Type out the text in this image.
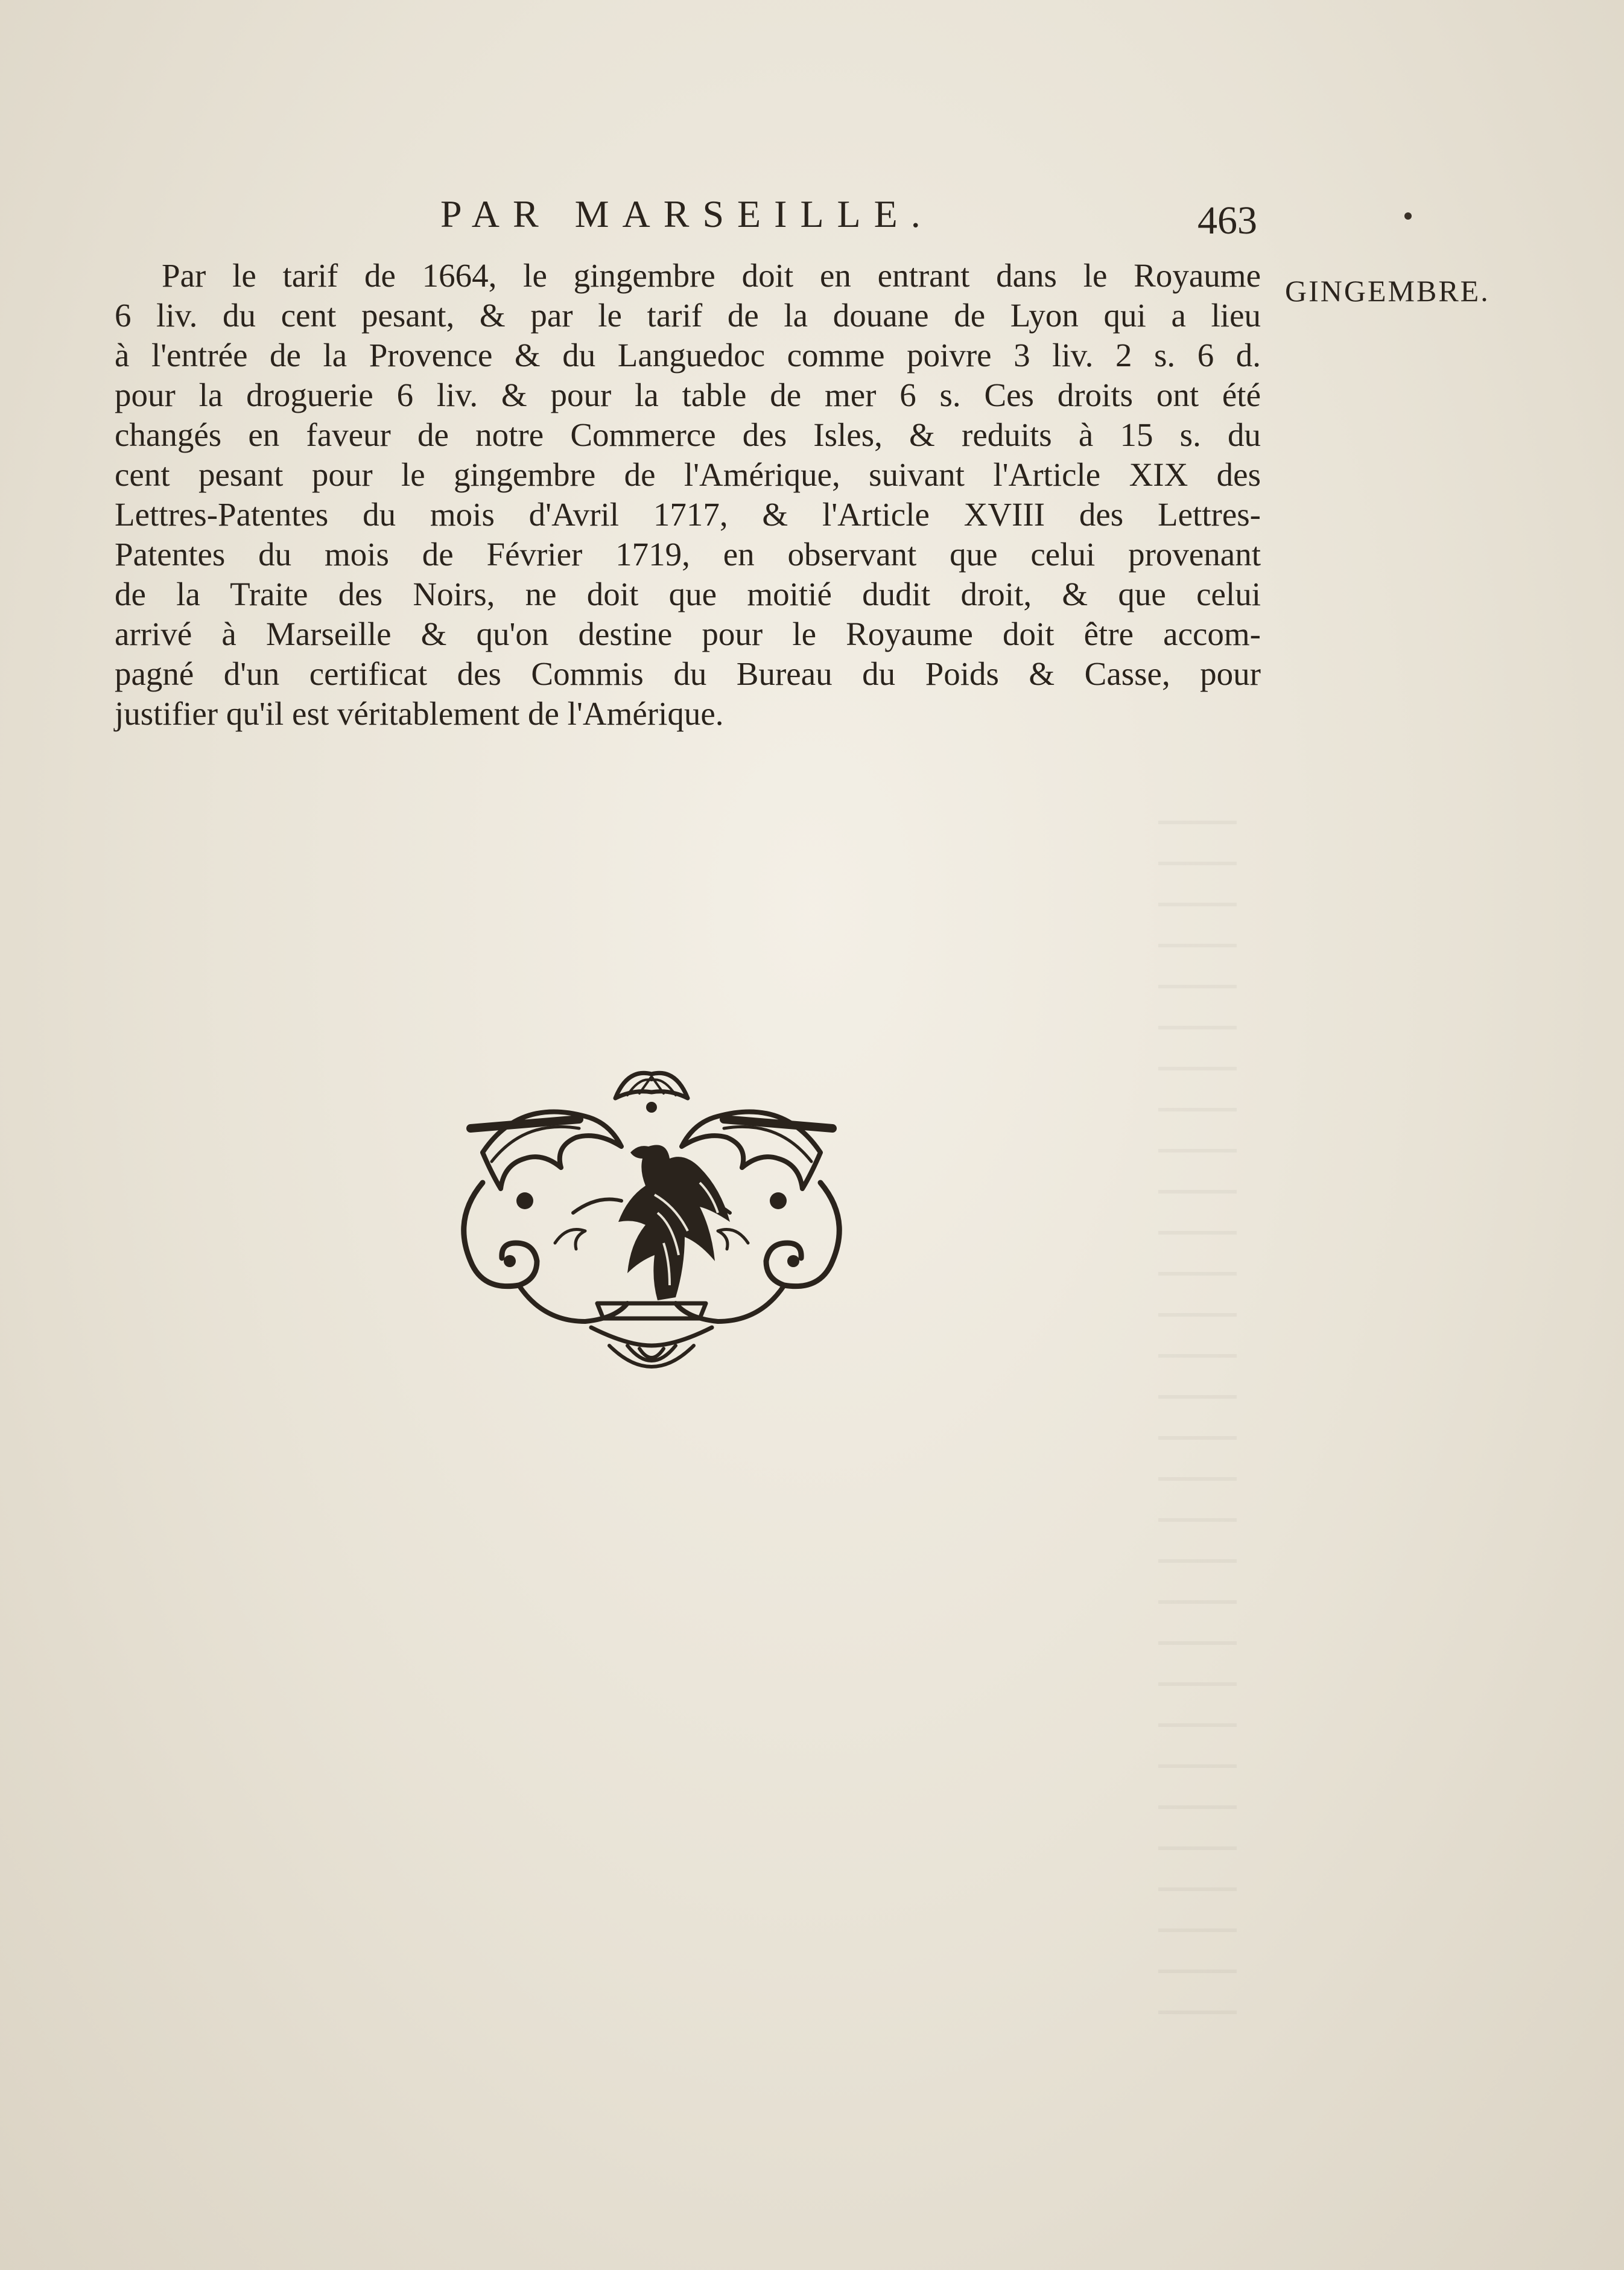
PAR MARSEILLE.	463
GINGEMBRE.
Par le tarif de 1664, le gingembre doit en entrant dans le Royaume
6 liv. du cent pesant, & par le tarif de la douane de Lyon qui a lieu
à l'entrée de la Provence & du Languedoc comme poivre 3 liv. 2 s. 6 d.
pour la droguerie 6 liv. & pour la table de mer 6 s. Ces droits ont été
changés en faveur de notre Commerce des Isles, & reduits à 15 s. du
cent pesant pour le gingembre de l'Amérique, suivant l'Article XIX des
Lettres-Patentes du mois d'Avril 1717, & l'Article XVIII des Lettres-
Patentes du mois de Février 1719, en observant que celui provenant
de la Traite des Noirs, ne doit que moitié dudit droit, & que celui
arrivé à Marseille & qu'on destine pour le Royaume doit être accom-
pagné d'un certificat des Commis du Bureau du Poids & Casse, pour
justifier qu'il est véritablement de l'Amérique.
